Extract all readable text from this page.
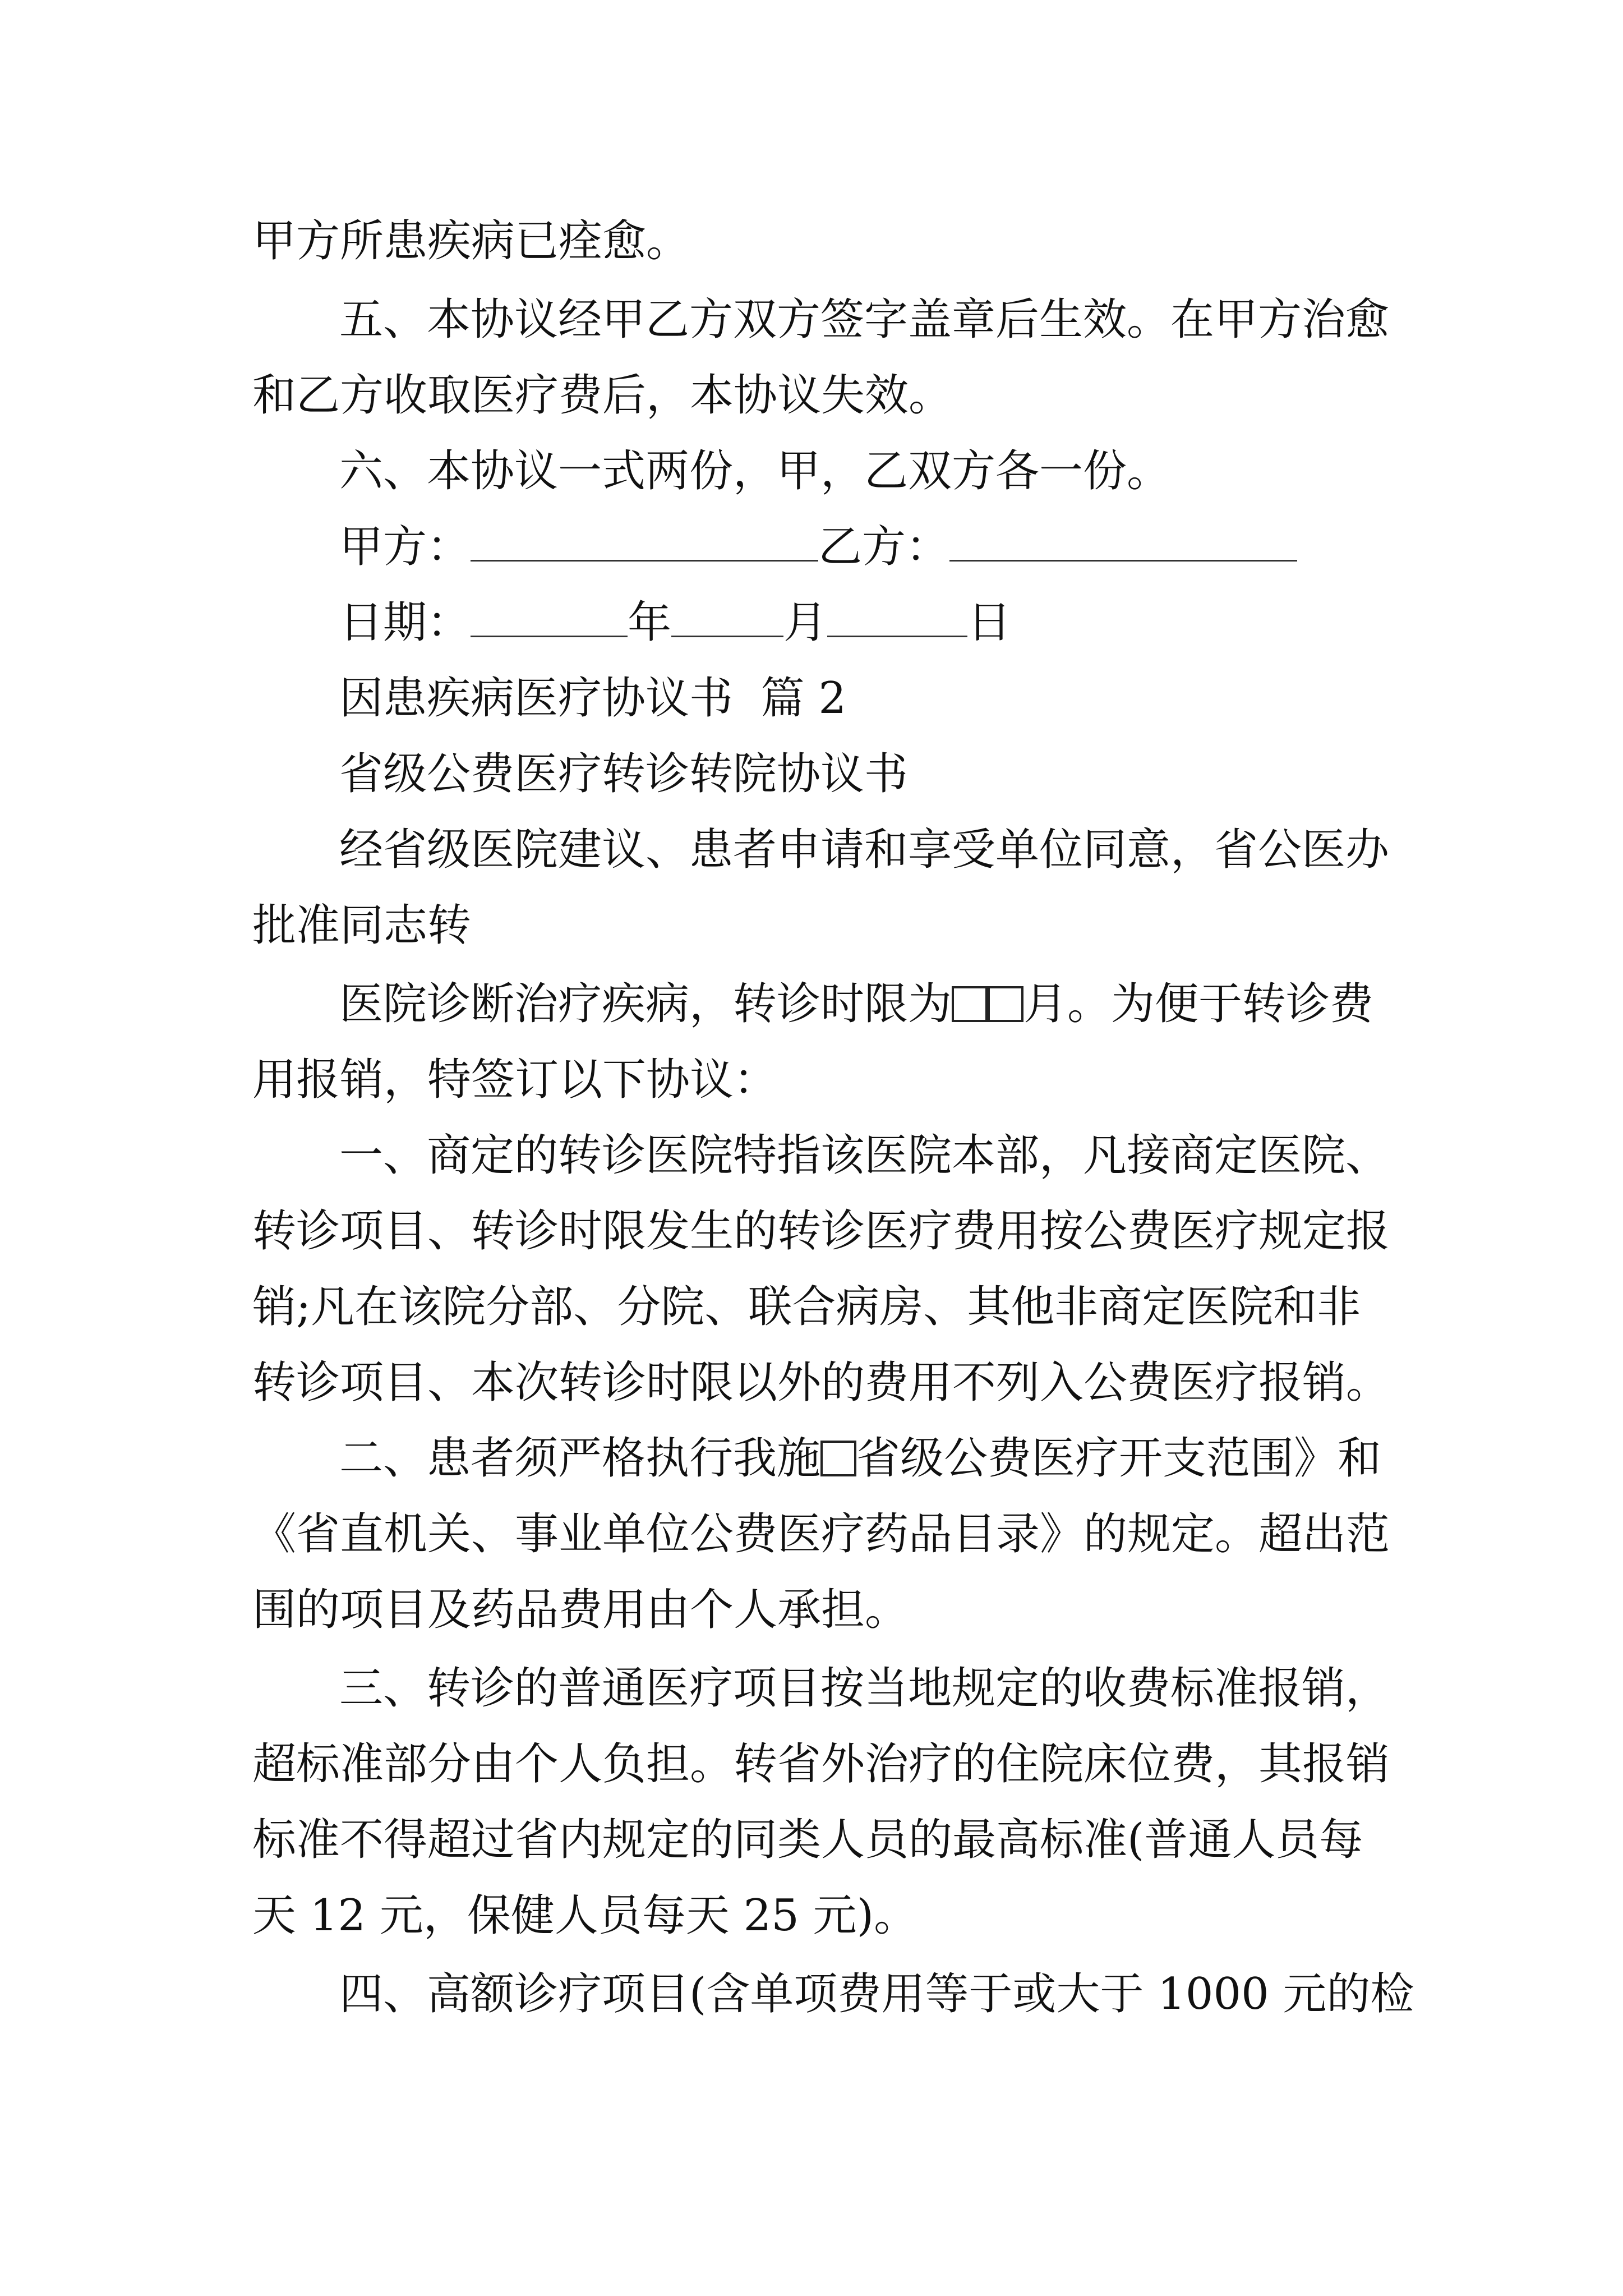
甲方所患疾病已痊愈。
五、本协议经甲乙方双方签字盖章后生效。在甲方治愈
和乙方收取医疗费后，本协议失效。
六、本协议一式两份，甲，乙双方各一份。
甲方：	乙方：
日期：	年	月	日
因患疾病医疗协议书  篇 2
省级公费医疗转诊转院协议书
经省级医院建议、患者申请和享受单位同意，省公医办
批准同志转
医院诊断治疗疾病，转诊时限为 月。为便于转诊费
用报销，特签订以下协议：
一、商定的转诊医院特指该医院本部，凡接商定医院、
转诊项目、转诊时限发生的转诊医疗费用按公费医疗规定报
销;凡在该院分部、分院、联合病房、其他非商定医院和非
转诊项目、本次转诊时限以外的费用不列入公费医疗报销。
二、患者须严格执行我施 省级公费医疗开支范围》和
《省直机关、事业单位公费医疗药品目录》的规定。超出范
围的项目及药品费用由个人承担。
三、转诊的普通医疗项目按当地规定的收费标准报销，
超标准部分由个人负担。转省外治疗的住院床位费，其报销
标准不得超过省内规定的同类人员的最高标准(普通人员每
天 12 元，保健人员每天 25 元)。
四、高额诊疗项目(含单项费用等于或大于 1000 元的检
